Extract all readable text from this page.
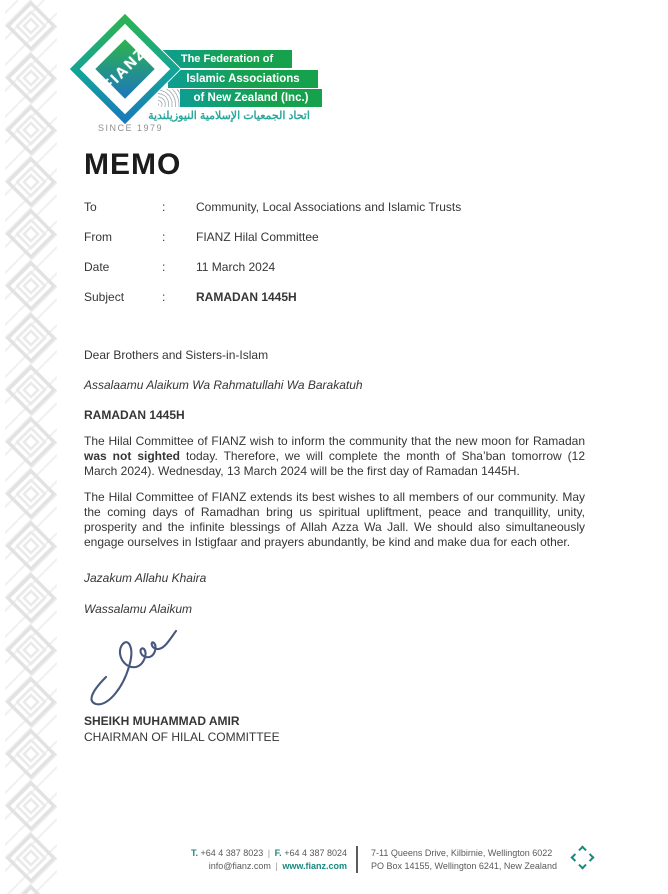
The Federation of
Islamic Associations
of New Zealand (Inc.)
اتحاد الجمعيات الإسلامية النيوزيلندية
FIANZ
SINCE 1979
MEMO
To	:	Community, Local Associations and Islamic Trusts
From	:	FIANZ Hilal Committee
Date	:	11 March 2024
Subject	:	RAMADAN 1445H

Dear Brothers and Sisters-in-Islam

Assalaamu Alaikum Wa Rahmatullahi Wa Barakatuh

RAMADAN 1445H

The Hilal Committee of FIANZ wish to inform the community that the new moon for Ramadan was not sighted today. Therefore, we will complete the month of Sha’ban tomorrow (12 March 2024). Wednesday, 13 March 2024 will be the first day of Ramadan 1445H.

The Hilal Committee of FIANZ extends its best wishes to all members of our community. May the coming days of Ramadhan bring us spiritual upliftment, peace and tranquillity, unity, prosperity and the infinite blessings of Allah Azza Wa Jall. We should also simultaneously engage ourselves in Istigfaar and prayers abundantly, be kind and make dua for each other.

Jazakum Allahu Khaira

Wassalamu Alaikum

SHEIKH MUHAMMAD AMIR
CHAIRMAN OF HILAL COMMITTEE
T. +64 4 387 8023 | F. +64 4 387 8024
info@fianz.com | www.fianz.com
7-11 Queens Drive, Kilbirnie, Wellington 6022
PO Box 14155, Wellington 6241, New Zealand
